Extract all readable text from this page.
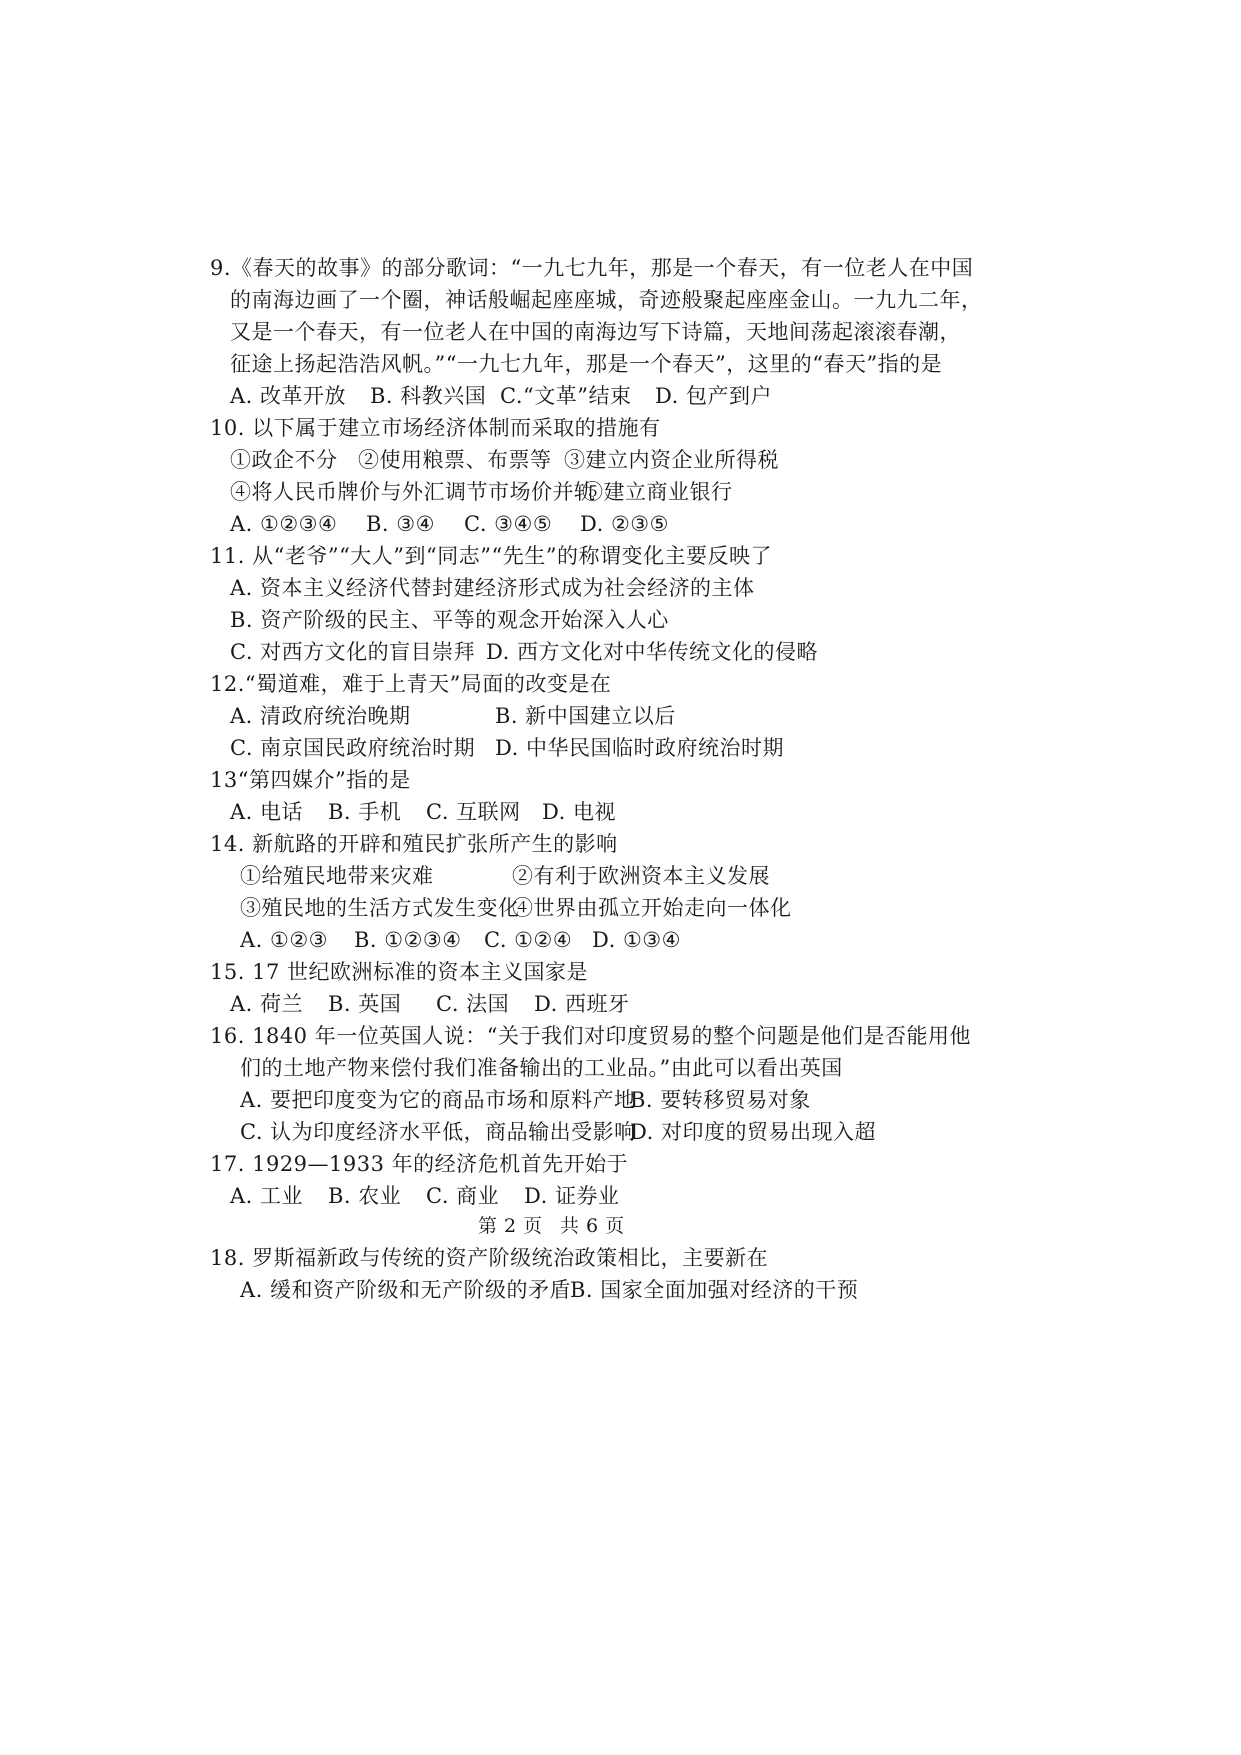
9.《春天的故事》的部分歌词：“一九七九年，那是一个春天，有一位老人在中国
的南海边画了一个圈，神话般崛起座座城，奇迹般聚起座座金山。一九九二年，
又是一个春天，有一位老人在中国的南海边写下诗篇，天地间荡起滚滚春潮，
征途上扬起浩浩风帆。”“一九七九年，那是一个春天”，这里的“春天”指的是
A. 改革开放 B. 科教兴国 C.“文革”结束 D. 包产到户
10. 以下属于建立市场经济体制而采取的措施有
①政企不分 ②使用粮票、布票等 ③建立内资企业所得税
④将人民币牌价与外汇调节市场价并轨⑤建立商业银行
A. ①②③④ B. ③④ C. ③④⑤ D. ②③⑤
11. 从“老爷”“大人”到“同志”“先生”的称谓变化主要反映了
A. 资本主义经济代替封建经济形式成为社会经济的主体
B. 资产阶级的民主、平等的观念开始深入人心
C. 对西方文化的盲目崇拜 D. 西方文化对中华传统文化的侵略
12.“蜀道难，难于上青天”局面的改变是在
A. 清政府统治晚期	B. 新中国建立以后
C. 南京国民政府统治时期 D. 中华民国临时政府统治时期
13“第四媒介”指的是
A. 电话 B. 手机 C. 互联网 D. 电视
14. 新航路的开辟和殖民扩张所产生的影响
①给殖民地带来灾难	②有利于欧洲资本主义发展
③殖民地的生活方式发生变化④世界由孤立开始走向一体化
A. ①②③ B. ①②③④ C. ①②④ D. ①③④
15. 17 世纪欧洲标准的资本主义国家是
A. 荷兰 B. 英国 C. 法国 D. 西班牙
16. 1840 年一位英国人说：“关于我们对印度贸易的整个问题是他们是否能用他
们的土地产物来偿付我们准备输出的工业品。”由此可以看出英国
A. 要把印度变为它的商品市场和原料产地B. 要转移贸易对象
C. 认为印度经济水平低，商品输出受影响D. 对印度的贸易出现入超
17. 1929—1933 年的经济危机首先开始于
A. 工业 B. 农业 C. 商业 D. 证券业
第 2 页 共 6 页
18. 罗斯福新政与传统的资产阶级统治政策相比，主要新在
A. 缓和资产阶级和无产阶级的矛盾B. 国家全面加强对经济的干预
